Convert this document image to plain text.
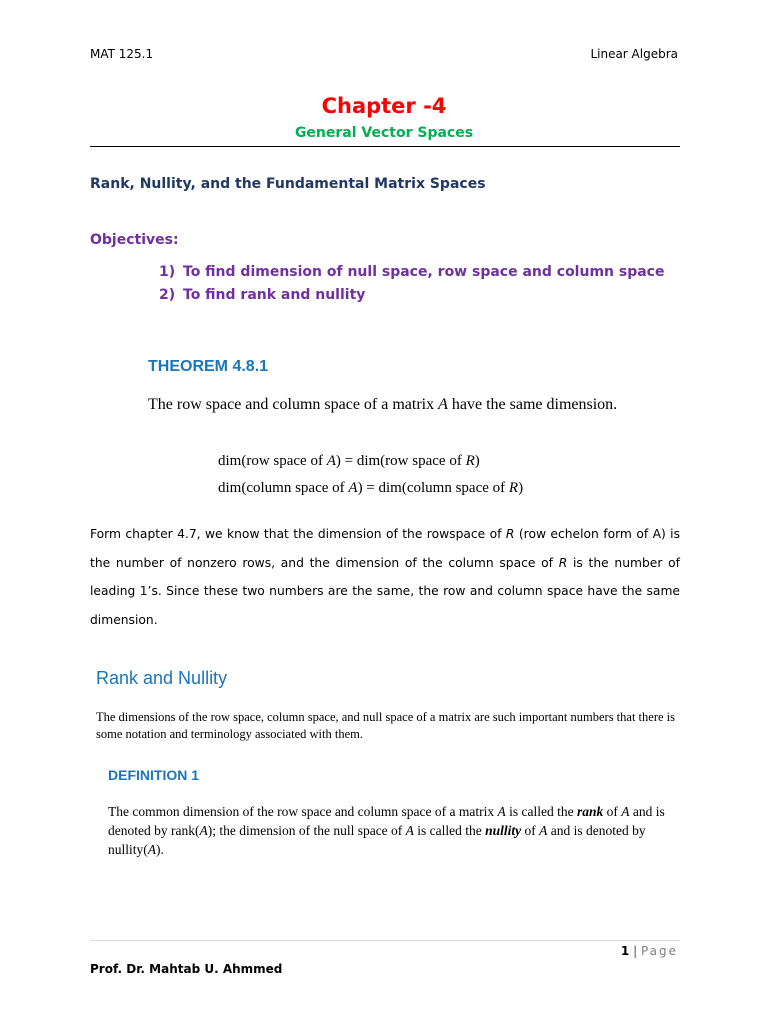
MAT 125.1	Linear Algebra
Chapter -4
General Vector Spaces
Rank, Nullity, and the Fundamental Matrix Spaces
Objectives:
1) To find dimension of null space, row space and column space
2) To find rank and nullity
THEOREM 4.8.1
The row space and column space of a matrix A have the same dimension.
dim(row space of A) = dim(row space of R)
dim(column space of A) = dim(column space of R)
Form chapter 4.7, we know that the dimension of the rowspace of R (row echelon form of A) is the number of nonzero rows, and the dimension of the column space of R is the number of leading 1’s. Since these two numbers are the same, the row and column space have the same dimension.
Rank and Nullity
The dimensions of the row space, column space, and null space of a matrix are such important numbers that there is some notation and terminology associated with them.
DEFINITION 1
The common dimension of the row space and column space of a matrix A is called the rank of A and is denoted by rank(A); the dimension of the null space of A is called the nullity of A and is denoted by nullity(A).
1 | Page
Prof. Dr. Mahtab U. Ahmmed
